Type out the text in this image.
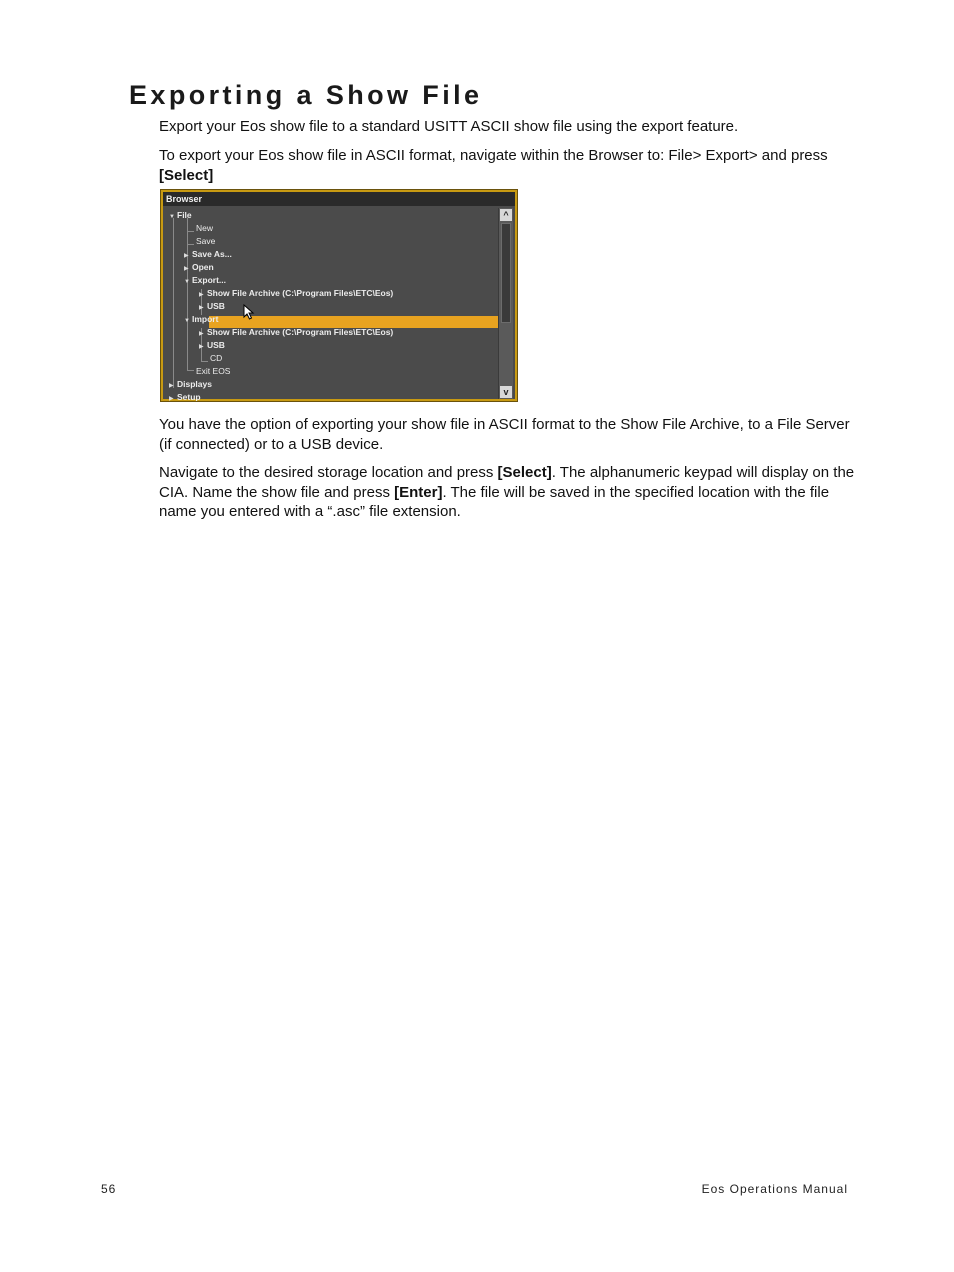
Exporting a Show File

Export your Eos show file to a standard USITT ASCII show file using the export feature.

To export your Eos show file in ASCII format, navigate within the Browser to: File> Export> and press [Select]

Browser
▼ File
New
Save
▶ Save As...
▶ Open
▼ Export...
▶ Show File Archive (C:\Program Files\ETC\Eos)
▶ USB
▼ Import
▶ Show File Archive (C:\Program Files\ETC\Eos)
▶ USB
CD
Exit EOS
▶ Displays
▶ Setup
^
v

You have the option of exporting your show file in ASCII format to the Show File Archive, to a File Server (if connected) or to a USB device.

Navigate to the desired storage location and press [Select]. The alphanumeric keypad will display on the CIA. Name the show file and press [Enter]. The file will be saved in the specified location with the file name you entered with a “.asc” file extension.

56	Eos Operations Manual
